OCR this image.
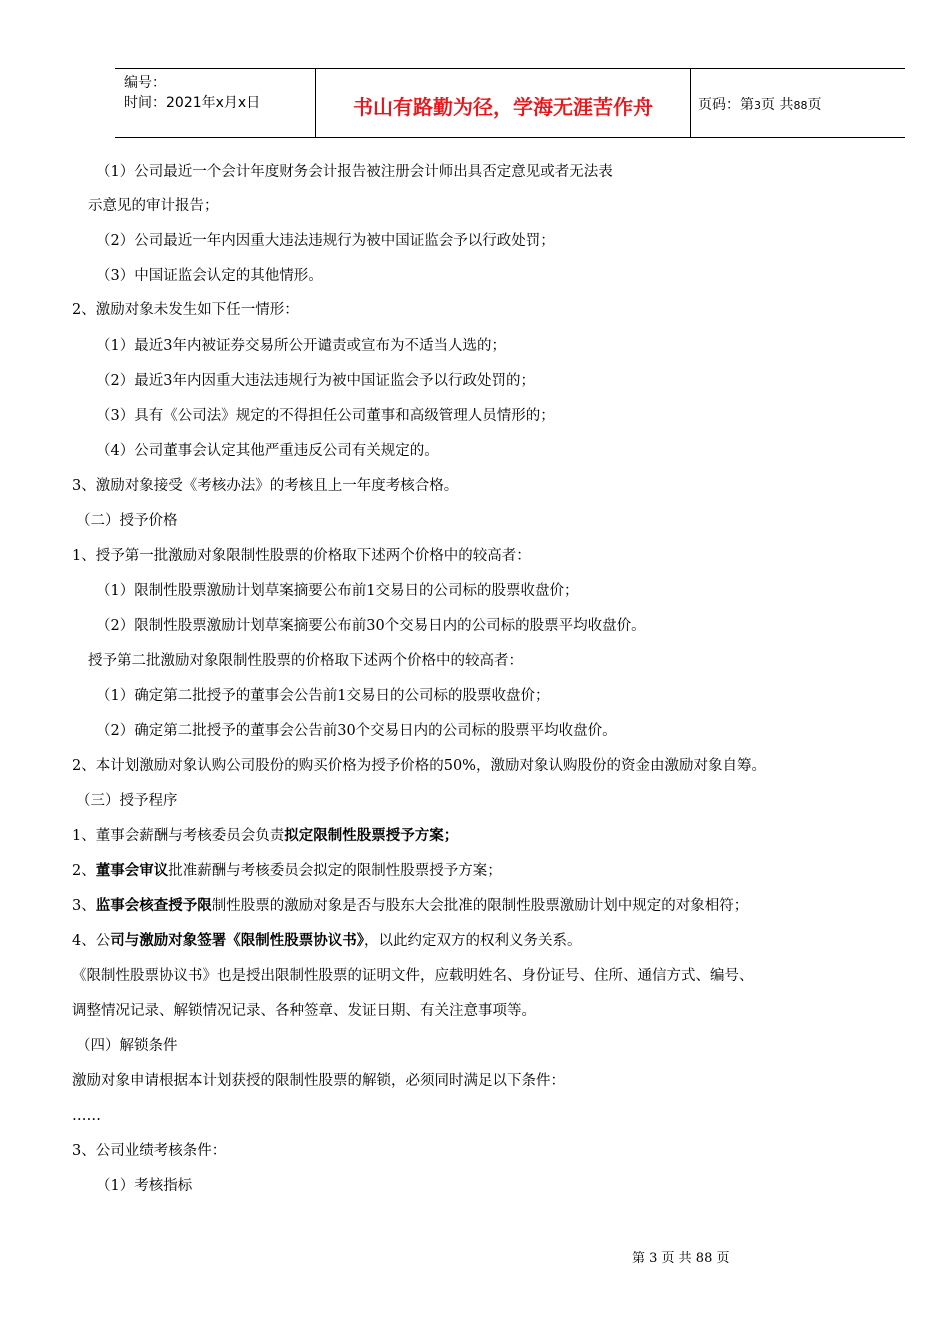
编号：
时间：2021年x月x日	书山有路勤为径，学海无涯苦作舟	页码：第3页 共88页
（1）公司最近一个会计年度财务会计报告被注册会计师出具否定意见或者无法表
示意见的审计报告；
（2）公司最近一年内因重大违法违规行为被中国证监会予以行政处罚；
（3）中国证监会认定的其他情形。
2、激励对象未发生如下任一情形：
（1）最近3年内被证券交易所公开谴责或宣布为不适当人选的；
（2）最近3年内因重大违法违规行为被中国证监会予以行政处罚的；
（3）具有《公司法》规定的不得担任公司董事和高级管理人员情形的；
（4）公司董事会认定其他严重违反公司有关规定的。
3、激励对象接受《考核办法》的考核且上一年度考核合格。
（二）授予价格
1、授予第一批激励对象限制性股票的价格取下述两个价格中的较高者：
（1）限制性股票激励计划草案摘要公布前1交易日的公司标的股票收盘价；
（2）限制性股票激励计划草案摘要公布前30个交易日内的公司标的股票平均收盘价。
授予第二批激励对象限制性股票的价格取下述两个价格中的较高者：
（1）确定第二批授予的董事会公告前1交易日的公司标的股票收盘价；
（2）确定第二批授予的董事会公告前30个交易日内的公司标的股票平均收盘价。
2、本计划激励对象认购公司股份的购买价格为授予价格的50%，激励对象认购股份的资金由激励对象自筹。
（三）授予程序
1、董事会薪酬与考核委员会负责拟定限制性股票授予方案；
2、董事会审议批准薪酬与考核委员会拟定的限制性股票授予方案；
3、监事会核查授予限制性股票的激励对象是否与股东大会批准的限制性股票激励计划中规定的对象相符；
4、公司与激励对象签署《限制性股票协议书》，以此约定双方的权利义务关系。
《限制性股票协议书》也是授出限制性股票的证明文件，应载明姓名、身份证号、住所、通信方式、编号、
调整情况记录、解锁情况记录、各种签章、发证日期、有关注意事项等。
（四）解锁条件
激励对象申请根据本计划获授的限制性股票的解锁，必须同时满足以下条件：
……
3、公司业绩考核条件：
（1）考核指标
第 3 页 共 88 页
